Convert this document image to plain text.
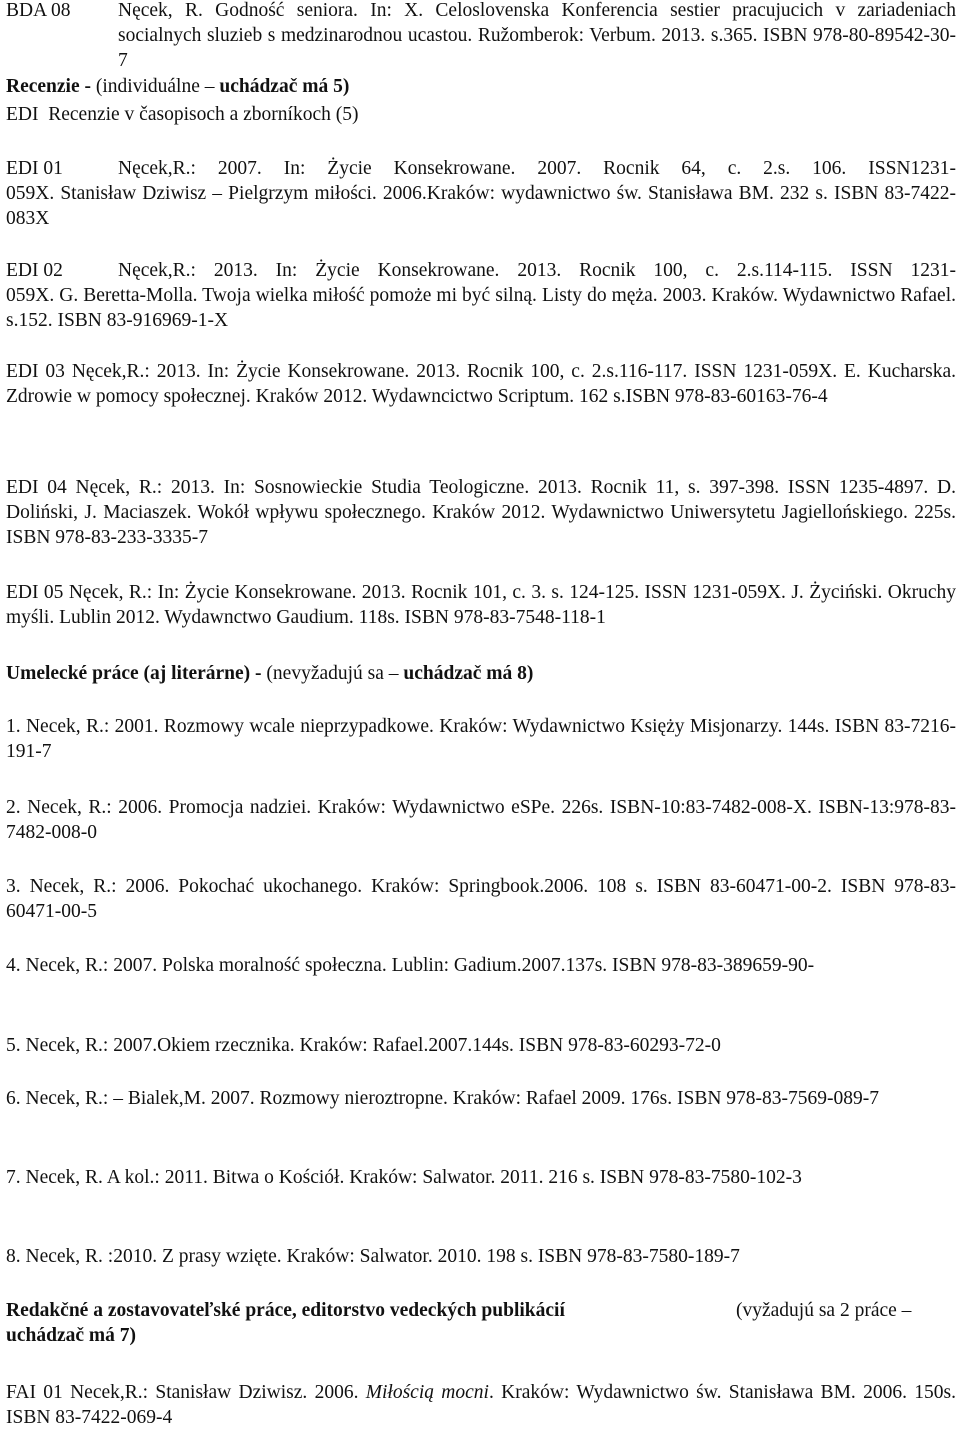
BDA 08	Nęcek, R. Godność seniora. In: X. Celoslovenska Konferencia sestier pracujucich v zariadeniach socialnych sluzieb s medzinarodnou ucastou. Ružomberok: Verbum. 2013. s.365. ISBN 978-80-89542-30-7

Recenzie - (individuálne – uchádzač má 5)

EDI  Recenzie v časopisoch a zborníkoch (5)

EDI 01	Nęcek,R.: 2007. In: Życie Konsekrowane. 2007. Rocnik 64, c. 2.s. 106. ISSN1231-
059X. Stanisław Dziwisz – Pielgrzym miłości. 2006.Kraków: wydawnictwo św. Stanisława BM. 232 s. ISBN 83-7422-083X
EDI 02	Nęcek,R.: 2013. In: Życie Konsekrowane. 2013. Rocnik 100, c. 2.s.114-115. ISSN 1231-
059X. G. Beretta-Molla. Twoja wielka miłość pomoże mi być silną. Listy do męża. 2003. Kraków. Wydawnictwo Rafael. s.152. ISBN 83-916969-1-X

EDI 03 Nęcek,R.: 2013. In: Życie Konsekrowane. 2013. Rocnik 100, c. 2.s.116-117. ISSN 1231-059X. E. Kucharska. Zdrowie w pomocy społecznej. Kraków 2012. Wydawncictwo Scriptum. 162 s.ISBN 978-83-60163-76-4

EDI 04 Nęcek, R.: 2013. In: Sosnowieckie Studia Teologiczne. 2013. Rocnik 11, s. 397-398. ISSN 1235-4897. D. Doliński, J. Maciaszek. Wokół wpływu społecznego. Kraków 2012. Wydawnictwo Uniwersytetu Jagiellońskiego. 225s. ISBN 978-83-233-3335-7

EDI 05 Nęcek, R.: In: Życie Konsekrowane. 2013. Rocnik 101, c. 3. s. 124-125. ISSN 1231-059X. J. Życiński. Okruchy myśli. Lublin 2012. Wydawnctwo Gaudium. 118s. ISBN 978-83-7548-118-1

Umelecké práce (aj literárne) - (nevyžadujú sa – uchádzač má 8)

1. Necek, R.: 2001. Rozmowy wcale nieprzypadkowe. Kraków: Wydawnictwo Księży Misjonarzy. 144s. ISBN 83-7216-191-7

2. Necek, R.: 2006. Promocja nadziei. Kraków: Wydawnictwo eSPe. 226s. ISBN-10:83-7482-008-X. ISBN-13:978-83-7482-008-0

3. Necek, R.: 2006. Pokochać ukochanego. Kraków: Springbook.2006. 108 s. ISBN 83-60471-00-2. ISBN 978-83-60471-00-5

4. Necek, R.: 2007. Polska moralność społeczna. Lublin: Gadium.2007.137s. ISBN 978-83-389659-90-

5. Necek, R.: 2007.Okiem rzecznika. Kraków: Rafael.2007.144s. ISBN 978-83-60293-72-0

6. Necek, R.: – Bialek,M. 2007. Rozmowy nieroztropne. Kraków: Rafael 2009. 176s. ISBN 978-83-7569-089-7

7. Necek, R. A kol.: 2011. Bitwa o Kościół. Kraków: Salwator. 2011. 216 s. ISBN 978-83-7580-102-3

8. Necek, R. :2010. Z prasy wzięte. Kraków: Salwator. 2010. 198 s. ISBN 978-83-7580-189-7

Redakčné a zostavovateľské práce, editorstvo vedeckých publikácií	(vyžadujú sa 2 práce –
uchádzač má 7)

FAI 01 Necek,R.: Stanisław Dziwisz. 2006. Miłością mocni. Kraków: Wydawnictwo św. Stanisława BM. 2006. 150s. ISBN 83-7422-069-4
